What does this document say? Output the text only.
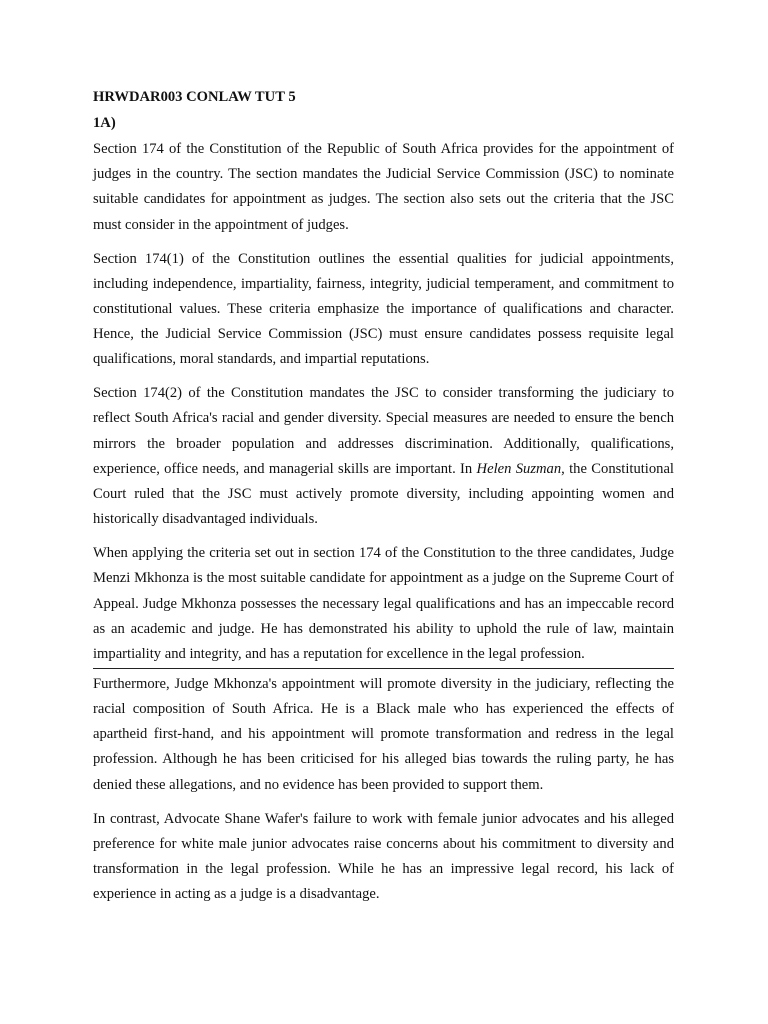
HRWDAR003 CONLAW TUT 5
1A)

Section 174 of the Constitution of the Republic of South Africa provides for the appointment of judges in the country. The section mandates the Judicial Service Commission (JSC) to nominate suitable candidates for appointment as judges. The section also sets out the criteria that the JSC must consider in the appointment of judges.

Section 174(1) of the Constitution outlines the essential qualities for judicial appointments, including independence, impartiality, fairness, integrity, judicial temperament, and commitment to constitutional values. These criteria emphasize the importance of qualifications and character. Hence, the Judicial Service Commission (JSC) must ensure candidates possess requisite legal qualifications, moral standards, and impartial reputations.

Section 174(2) of the Constitution mandates the JSC to consider transforming the judiciary to reflect South Africa's racial and gender diversity. Special measures are needed to ensure the bench mirrors the broader population and addresses discrimination. Additionally, qualifications, experience, office needs, and managerial skills are important. In Helen Suzman, the Constitutional Court ruled that the JSC must actively promote diversity, including appointing women and historically disadvantaged individuals.

When applying the criteria set out in section 174 of the Constitution to the three candidates, Judge Menzi Mkhonza is the most suitable candidate for appointment as a judge on the Supreme Court of Appeal. Judge Mkhonza possesses the necessary legal qualifications and has an impeccable record as an academic and judge. He has demonstrated his ability to uphold the rule of law, maintain impartiality and integrity, and has a reputation for excellence in the legal profession.

Furthermore, Judge Mkhonza's appointment will promote diversity in the judiciary, reflecting the racial composition of South Africa. He is a Black male who has experienced the effects of apartheid first-hand, and his appointment will promote transformation and redress in the legal profession. Although he has been criticised for his alleged bias towards the ruling party, he has denied these allegations, and no evidence has been provided to support them.

In contrast, Advocate Shane Wafer's failure to work with female junior advocates and his alleged preference for white male junior advocates raise concerns about his commitment to diversity and transformation in the legal profession. While he has an impressive legal record, his lack of experience in acting as a judge is a disadvantage.
